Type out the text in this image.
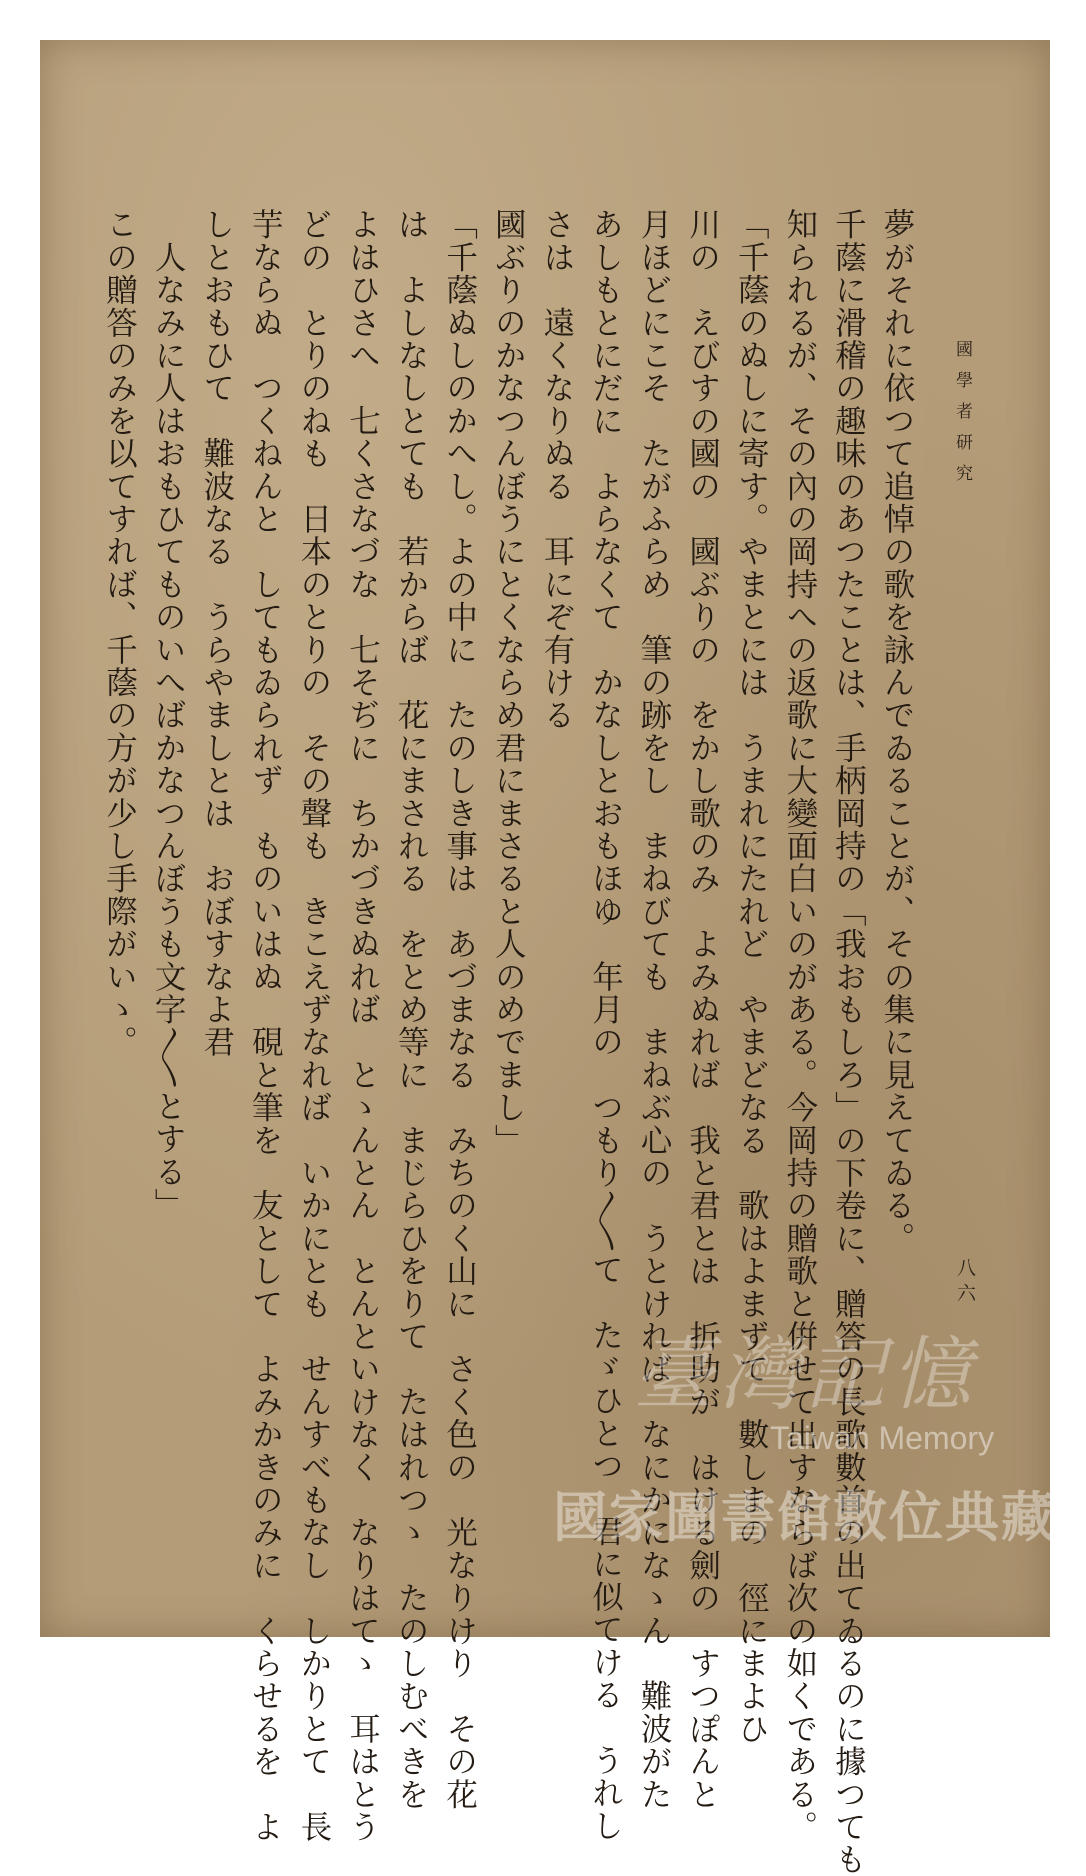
國學者研究
八六
夢がそれに依つて追悼の歌を詠んでゐることが、その集に見えてゐる。
千蔭に滑稽の趣味のあつたことは、手柄岡持の「我おもしろ」の下卷に、贈答の長歌數首の出てゐるのに據つても
知られるが、その內の岡持への返歌に大變面白いのがある。今岡持の贈歌と倂せて出すならば次の如くである。
「千蔭のぬしに寄す。やまとには　うまれにたれど　やまどなる　歌はよまずて　數しまの　徑にまよひ　
川の　えびすの國の　國ぶりの　をかし歌のみ　よみぬれば　我と君とは　折助が　はける劍の　すつぽんと
月ほどにこそ　たがふらめ　筆の跡をし　まねびても　まねぶ心の　うとければ　なにかになゝん　難波がた
あしもとにだに　よらなくて　かなしとおもほゆ　年月の　つもり〳〵て　たゞひとつ　君に似てける　うれし
さは　遠くなりぬる　耳にぞ有ける
國ぶりのかなつんぼうにとくならめ君にまさると人のめでまし」
「千蔭ぬしのかへし。よの中に　たのしき事は　あづまなる　みちのく山に　さく色の　光なりけり　その花
は　よしなしとても　若からば　花にまされる　をとめ等に　まじらひをりて　たはれつゝ　たのしむべきを
よはひさへ　七くさなづな　七そぢに　ちかづきぬれば　とゝんとん　とんといけなく　なりはてゝ　耳はとう
どの　とりのねも　日本のとりの　その聲も　きこえずなれば　いかにとも　せんすべもなし　しかりとて　長
芋ならぬ　つくねんと　してもゐられず　ものいはぬ　硯と筆を　友として　よみかきのみに　くらせるを　よ
しとおもひて　難波なる　うらやましとは　おぼすなよ君
　人なみに人はおもひてものいへばかなつんぼうも文字〳〵とする」
この贈答のみを以てすれば、千蔭の方が少し手際がいゝ。
臺灣記憶
Taiwan Memory
國家圖書館數位典藏
